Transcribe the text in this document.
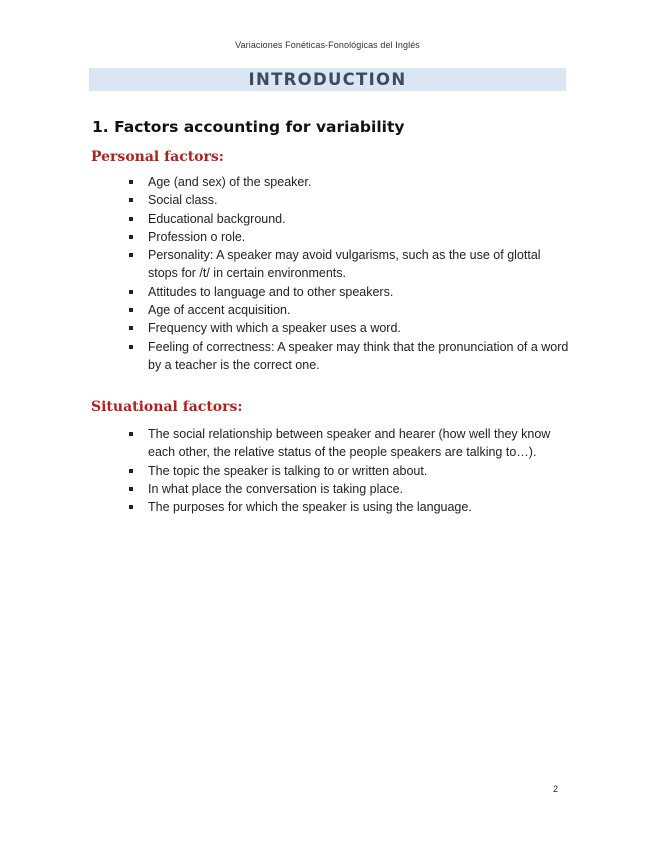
Variaciones Fonéticas-Fonológicas del Inglés
INTRODUCTION
1. Factors accounting for variability
Personal factors:
Age (and sex) of the speaker.
Social class.
Educational background.
Profession o role.
Personality: A speaker may avoid vulgarisms, such as the use of glottal stops for /t/ in certain environments.
Attitudes to language and to other speakers.
Age of accent acquisition.
Frequency with which a speaker uses a word.
Feeling of correctness: A speaker may think that the pronunciation of a word by a teacher is the correct one.
Situational factors:
The social relationship between speaker and hearer (how well they know each other, the relative status of the people speakers are talking to…).
The topic the speaker is talking to or written about.
In what place the conversation is taking place.
The purposes for which the speaker is using the language.
2
